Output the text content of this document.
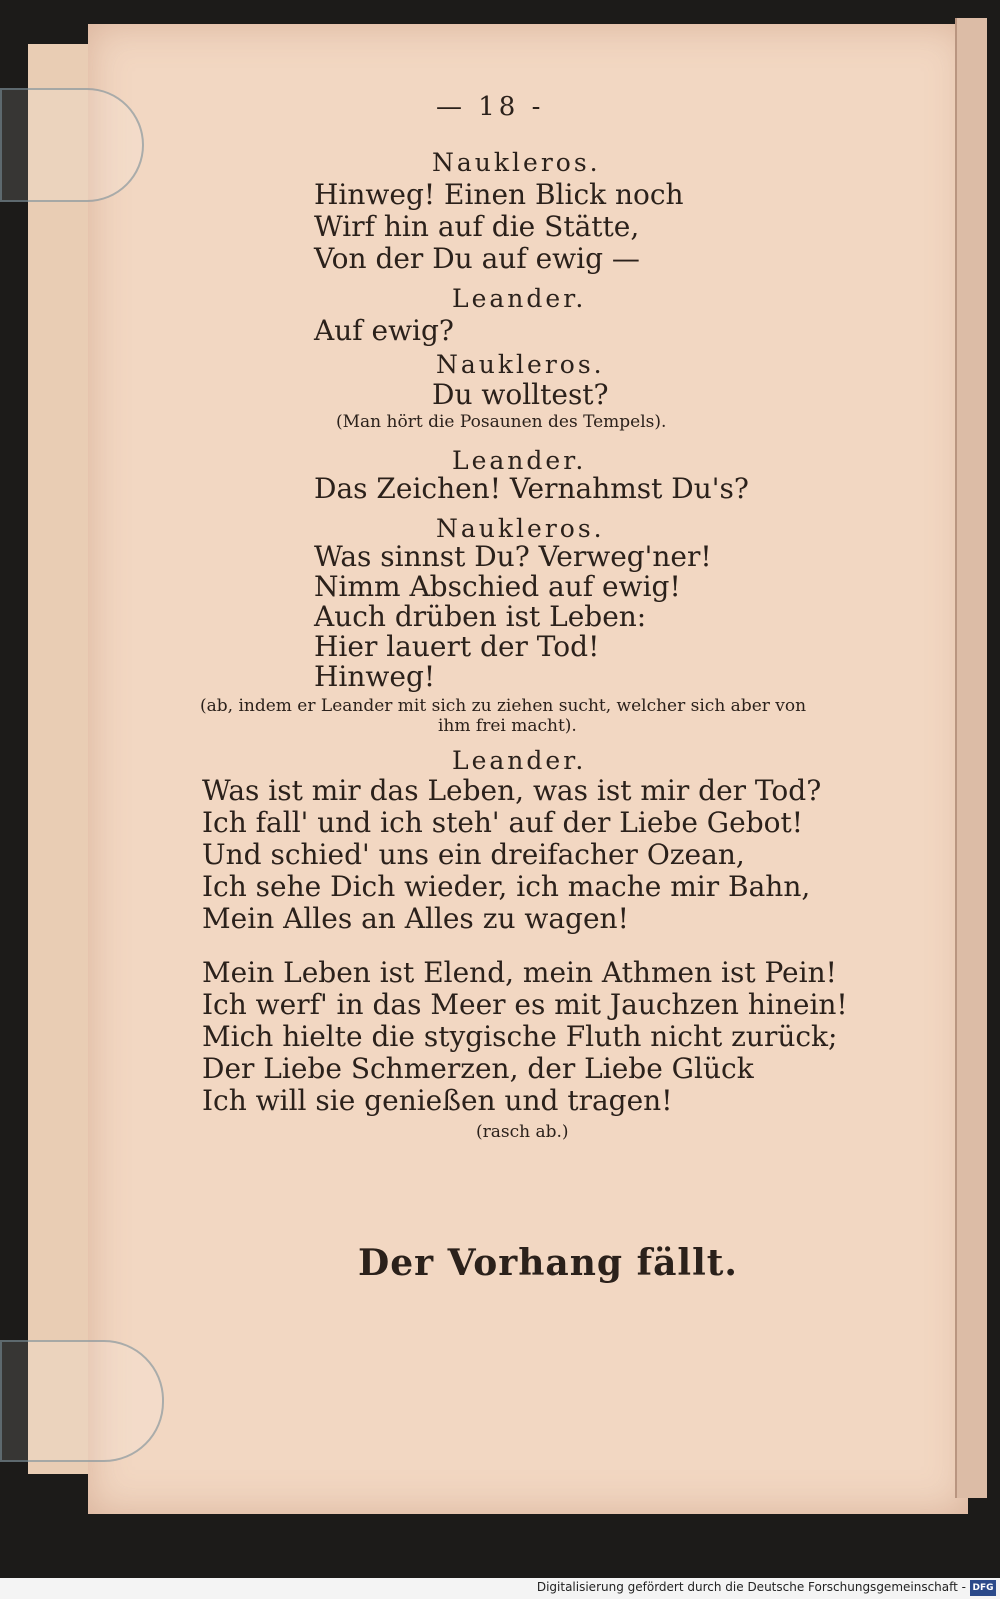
— 18 -
Naukleros.
Hinweg! Einen Blick noch
Wirf hin auf die Stätte,
Von der Du auf ewig —
Leander.
Auf ewig?
Naukleros.
Du wolltest?
(Man hört die Posaunen des Tempels).
Leander.
Das Zeichen! Vernahmst Du's?
Naukleros.
Was sinnst Du? Verweg'ner!
Nimm Abschied auf ewig!
Auch drüben ist Leben:
Hier lauert der Tod!
Hinweg!
(ab, indem er Leander mit sich zu ziehen sucht, welcher sich aber von
ihm frei macht).
Leander.
Was ist mir das Leben, was ist mir der Tod?
Ich fall' und ich steh' auf der Liebe Gebot!
Und schied' uns ein dreifacher Ozean,
Ich sehe Dich wieder, ich mache mir Bahn,
Mein Alles an Alles zu wagen!
Mein Leben ist Elend, mein Athmen ist Pein!
Ich werf' in das Meer es mit Jauchzen hinein!
Mich hielte die stygische Fluth nicht zurück;
Der Liebe Schmerzen, der Liebe Glück
Ich will sie genießen und tragen!
(rasch ab.)
Der Vorhang fällt.
Digitalisierung gefördert durch die Deutsche Forschungsgemeinschaft - DFG
